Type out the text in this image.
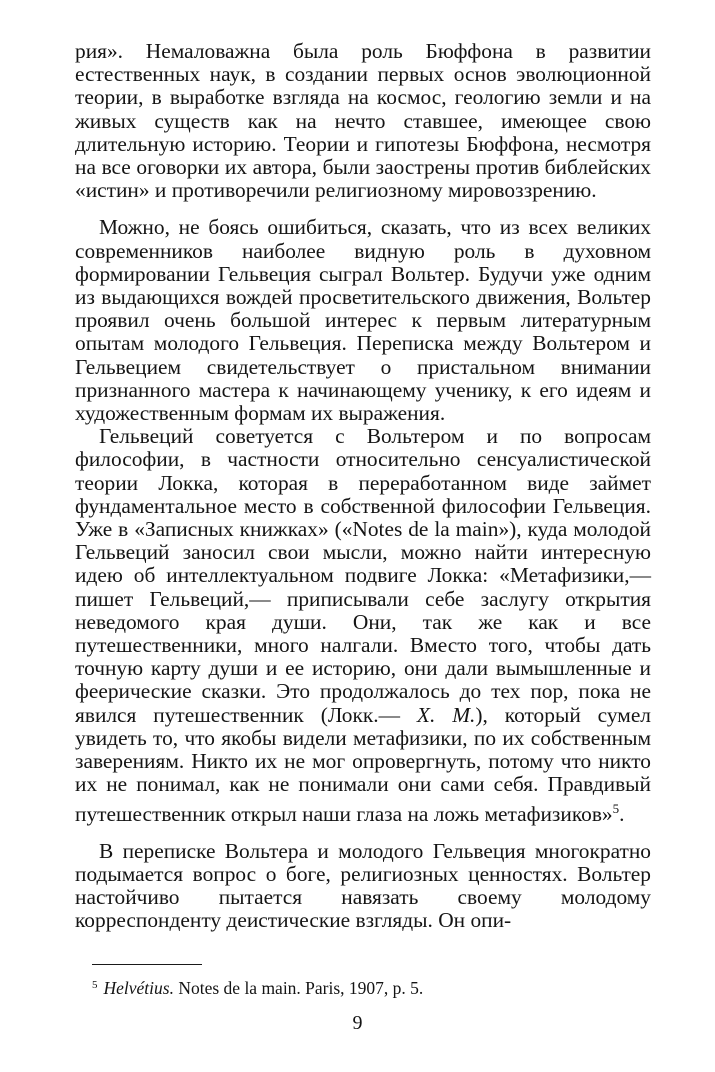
рия». Немаловажна была роль Бюффона в развитии естественных наук, в создании первых основ эволюционной теории, в выработке взгляда на космос, геологию земли и на живых существ как на нечто ставшее, имеющее свою длительную историю. Теории и гипотезы Бюффона, несмотря на все оговорки их автора, были заострены против библейских «истин» и противоречили религиозному мировоззрению.

Можно, не боясь ошибиться, сказать, что из всех великих современников наиболее видную роль в духовном формировании Гельвеция сыграл Вольтер. Будучи уже одним из выдающихся вождей просветительского движения, Вольтер проявил очень большой интерес к первым литературным опытам молодого Гельвеция. Переписка между Вольтером и Гельвецием свидетельствует о пристальном внимании признанного мастера к начинающему ученику, к его идеям и художественным формам их выражения.

Гельвеций советуется с Вольтером и по вопросам философии, в частности относительно сенсуалистической теории Локка, которая в переработанном виде займет фундаментальное место в собственной философии Гельвеция. Уже в «Записных книжках» («Notes de la main»), куда молодой Гельвеций заносил свои мысли, можно найти интересную идею об интеллектуальном подвиге Локка: «Метафизики,— пишет Гельвеций,— приписывали себе заслугу открытия неведомого края души. Они, так же как и все путешественники, много налгали. Вместо того, чтобы дать точную карту души и ее историю, они дали вымышленные и феерические сказки. Это продолжалось до тех пор, пока не явился путешественник (Локк.— Х. М.), который сумел увидеть то, что якобы видели метафизики, по их собственным заверениям. Никто их не мог опровергнуть, потому что никто их не понимал, как не понимали они сами себя. Правдивый путешественник открыл наши глаза на ложь метафизиков»$^5$.

В переписке Вольтера и молодого Гельвеция многократно подымается вопрос о боге, религиозных ценностях. Вольтер настойчиво пытается навязать своему молодому корреспонденту деистические взгляды. Он опи-

$^5$ Helvétius. Notes de la main. Paris, 1907, p. 5.
9
